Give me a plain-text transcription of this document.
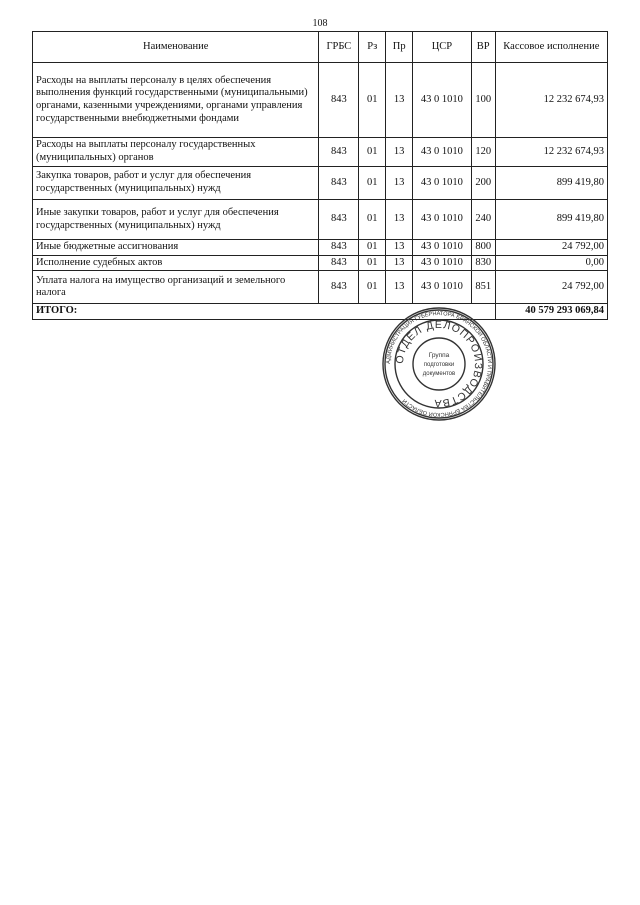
108
Наименование	ГРБС	Рз	Пр	ЦСР	ВР	Кассовое исполнение
Расходы на выплаты персоналу в целях обеспечения выполнения функций государственными (муниципальными) органами, казенными учреждениями, органами управления государственными внебюджетными фондами	843	01	13	43 0 1010	100	12 232 674,93
Расходы на выплаты персоналу государственных (муниципальных) органов	843	01	13	43 0 1010	120	12 232 674,93
Закупка товаров, работ и услуг для обеспечения государственных (муниципальных) нужд	843	01	13	43 0 1010	200	899 419,80
Иные закупки товаров, работ и услуг для обеспечения государственных (муниципальных) нужд	843	01	13	43 0 1010	240	899 419,80
Иные бюджетные ассигнования	843	01	13	43 0 1010	800	24 792,00
Исполнение судебных актов	843	01	13	43 0 1010	830	0,00
Уплата налога на имущество организаций и земельного налога	843	01	13	43 0 1010	851	24 792,00
ИТОГО:						40 579 293 069,84
АДМИНИСТРАЦИЯ ГУБЕРНАТОРА БРЯНСКОЙ ОБЛАСТИ И ПРАВИТЕЛЬСТВА БРЯНСКОЙ ОБЛАСТИ
ОТДЕЛ ДЕЛОПРОИЗВОДСТВА
Группа
подготовки
документов
